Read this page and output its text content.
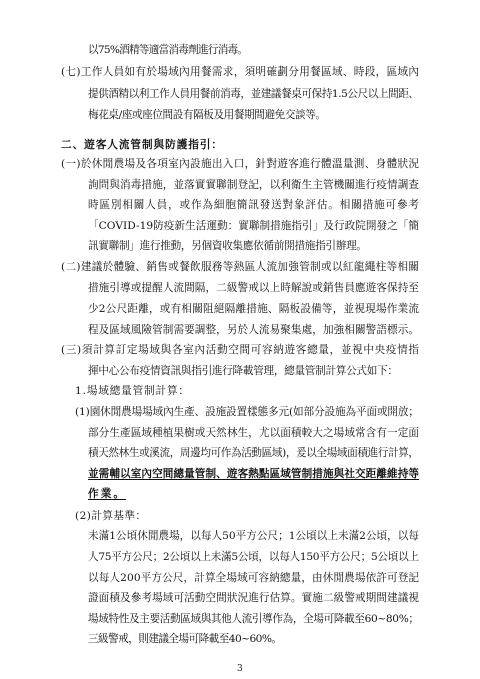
以75%酒精等適當消毒劑進行消毒。
(七)工作人員如有於場域內用餐需求，須明確劃分用餐區域、時段，區域內
提供酒精以利工作人員用餐前消毒，並建議餐桌可保持1.5公尺以上間距、
梅花桌/座或座位間設有隔板及用餐期間避免交談等。
二、遊客人流管制與防護指引：
(一)於休閒農場及各項室內設施出入口，針對遊客進行體溫量測、身體狀況
詢問與消毒措施，並落實實聯制登記，以利衛生主管機關進行疫情調查
時區別相關人員，或作為細胞簡訊發送對象評估。相關措施可參考
「COVID-19防疫新生活運動：實聯制措施指引」及行政院開發之「簡
訊實聯制」進行推動，另個資收集應依循前開措施指引辦理。
(二)建議於體驗、銷售或餐飲服務等熱區人流加強管制或以紅龍繩柱等相關
措施引導或提醒人流間隔，二級警戒以上時解說或銷售員應遊客保持至
少2公尺距離，或有相關阻絕隔離措施、隔板設備等，並視現場作業流
程及區域風險管制需要調整，另於人流易聚集處，加強相關警語標示。
(三)須計算訂定場域與各室內活動空間可容納遊客總量，並視中央疫情指
揮中心公布疫情資訊與指引進行降載管理，總量管制計算公式如下：
1.場域總量管制計算：
(1)園休閒農場場域內生產、設施設置樣態多元(如部分設施為平面或開放；
部分生產區域種植果樹或天然林生，尤以面積較大之場域常含有一定面
積天然林生或溪流，周邊均可作為活動區域)，爰以全場域面積進行計算，
並需輔以室內空間總量管制、遊客熱點區域管制措施與社交距離維持等
作業。
(2)計算基準：
未滿1公頃休閒農場，以每人50平方公尺；1公頃以上未滿2公頃，以每
人75平方公尺；2公頃以上未滿5公頃，以每人150平方公尺；5公頃以上
以每人200平方公尺，計算全場域可容納總量，由休閒農場依許可登記
證面積及參考場域可活動空間狀況進行估算。實施二級警戒期間建議視
場域特性及主要活動區域與其他人流引導作為，全場可降載至60~80%；
三級警戒，則建議全場可降載至40~60%。
3
